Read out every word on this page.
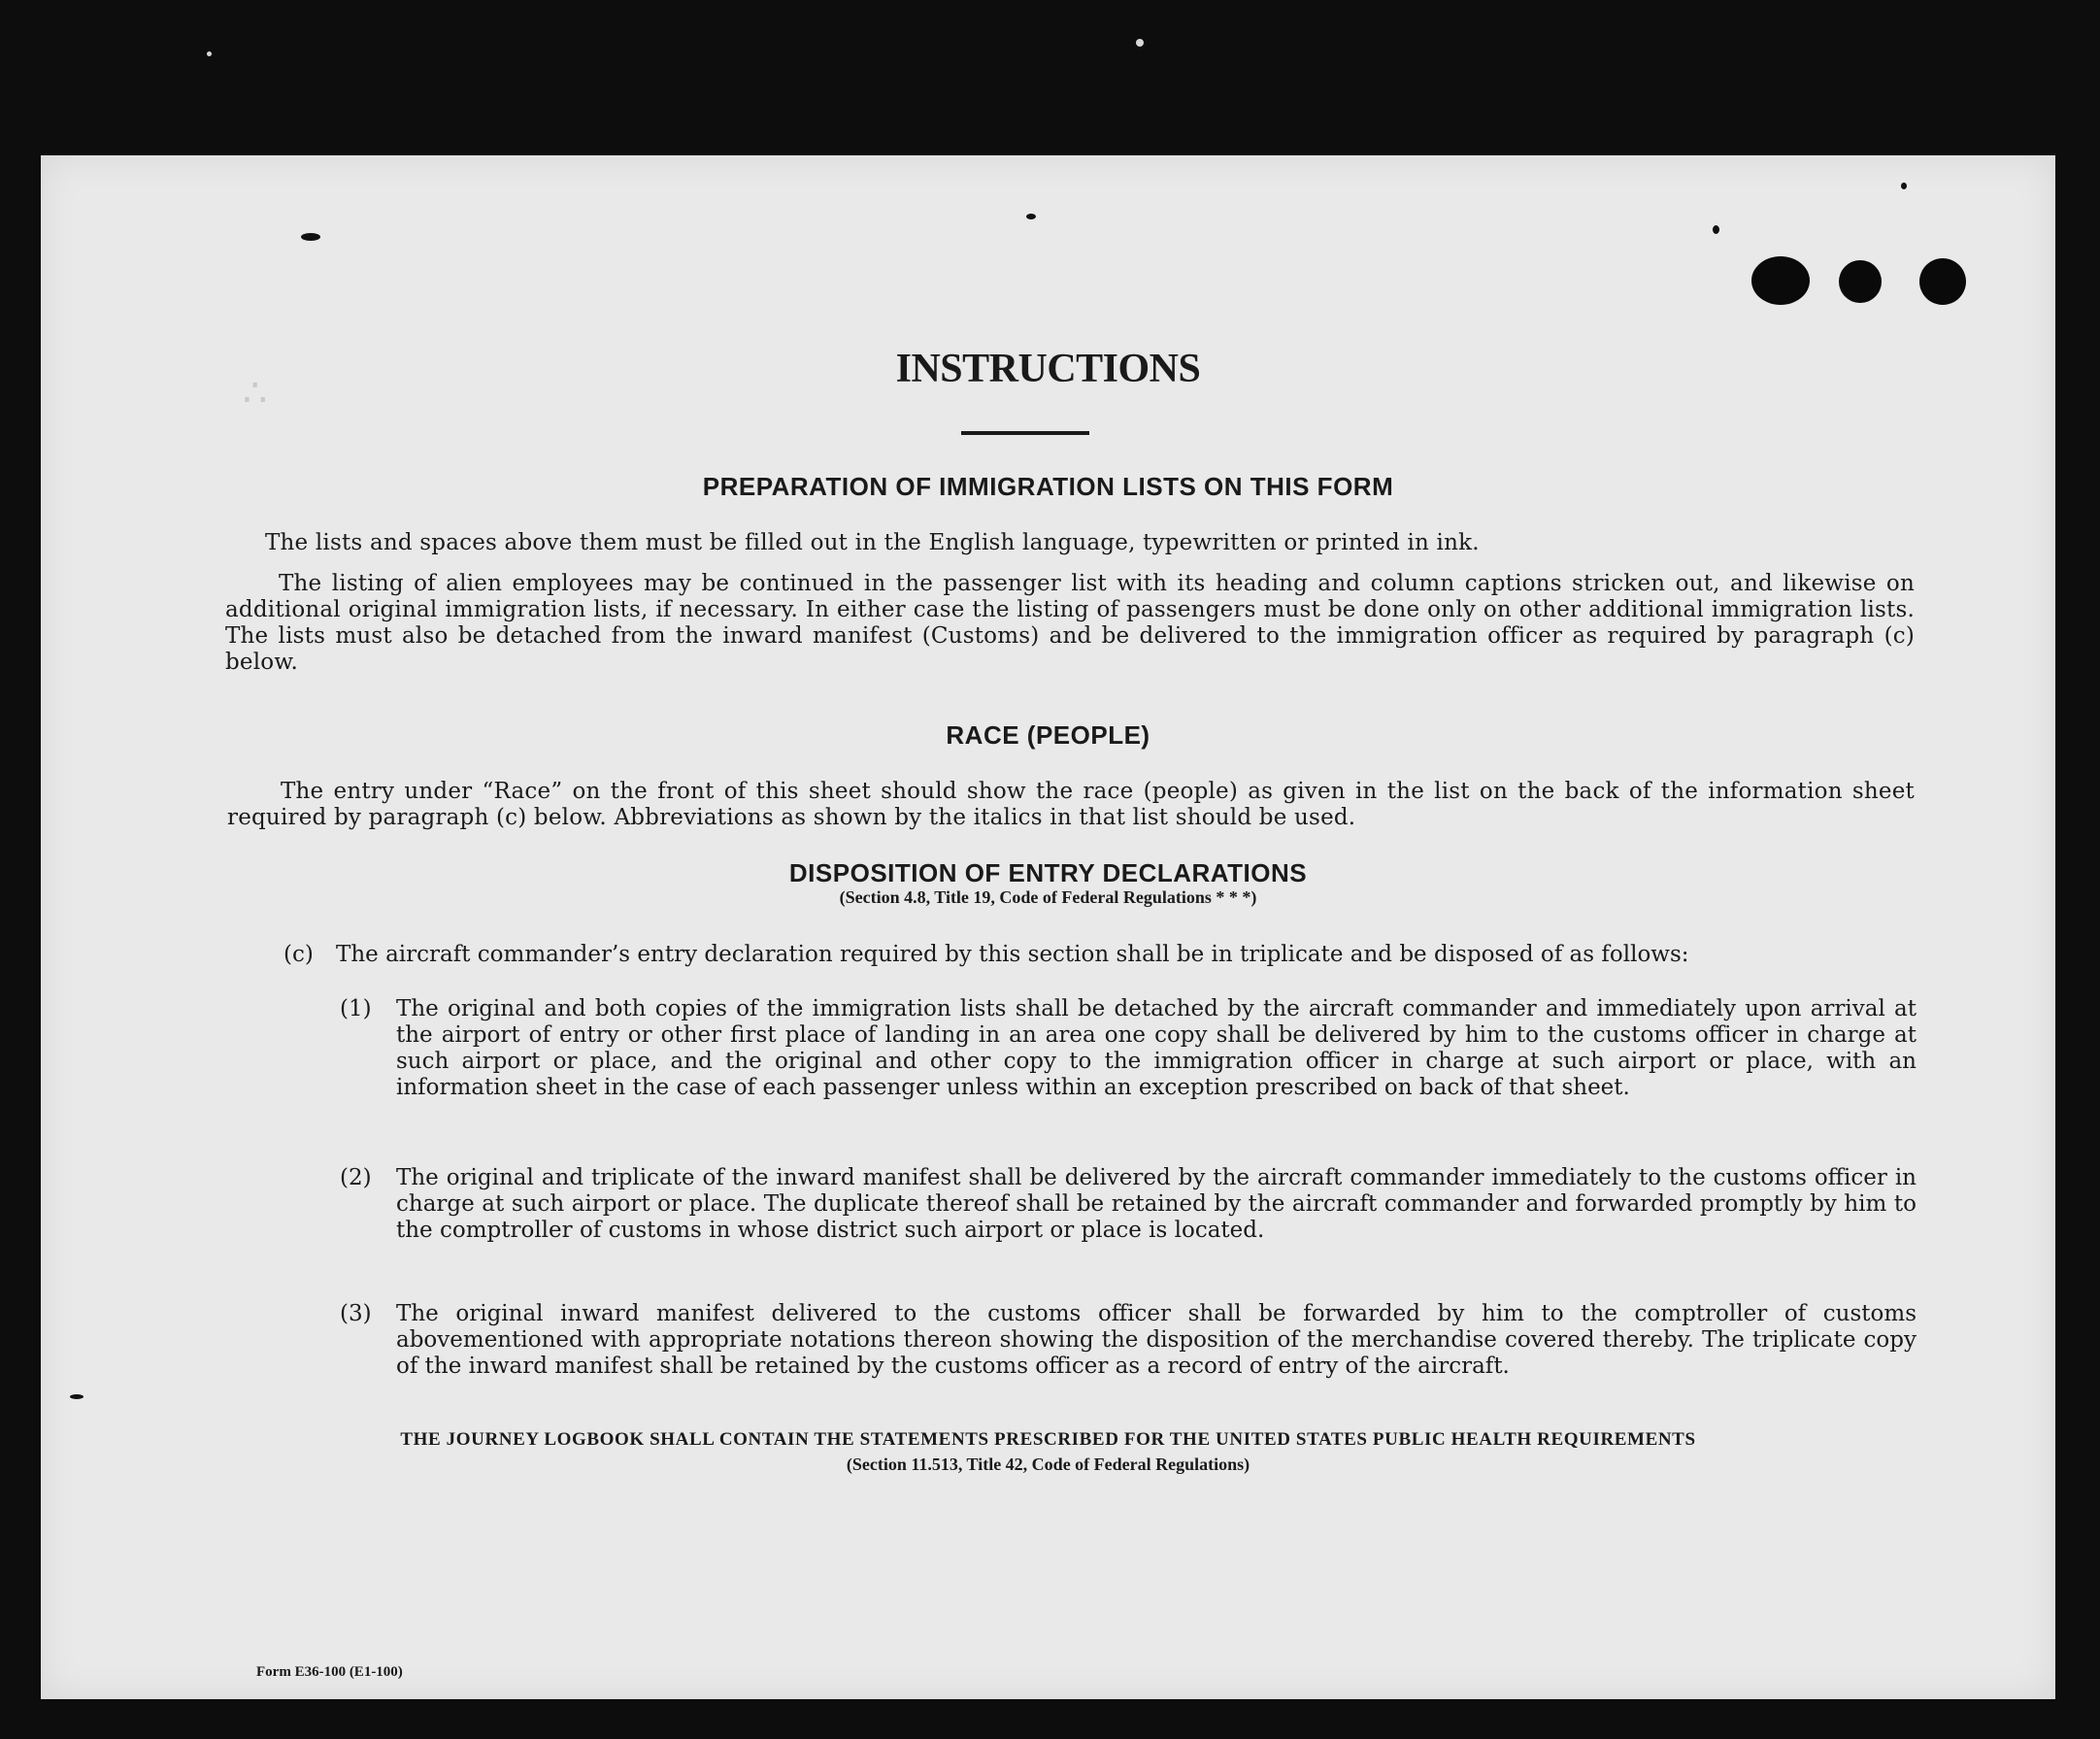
∴
INSTRUCTIONS
PREPARATION OF IMMIGRATION LISTS ON THIS FORM
The lists and spaces above them must be filled out in the English language, typewritten or printed in ink.
The listing of alien employees may be continued in the passenger list with its heading and column captions stricken out, and likewise on additional original immigration lists, if necessary. In either case the listing of passengers must be done only on other additional immigration lists. The lists must also be detached from the inward manifest (Customs) and be delivered to the immigration officer as required by paragraph (c) below.
RACE (PEOPLE)
The entry under “Race” on the front of this sheet should show the race (people) as given in the list on the back of the information sheet required by paragraph (c) below. Abbreviations as shown by the italics in that list should be used.
DISPOSITION OF ENTRY DECLARATIONS
(Section 4.8, Title 19, Code of Federal Regulations * * *)
(c)	The aircraft commander’s entry declaration required by this section shall be in triplicate and be disposed of as follows:
(1)	The original and both copies of the immigration lists shall be detached by the aircraft commander and immediately upon arrival at the airport of entry or other first place of landing in an area one copy shall be delivered by him to the customs officer in charge at such airport or place, and the original and other copy to the immigration officer in charge at such airport or place, with an information sheet in the case of each passenger unless within an exception prescribed on back of that sheet.
(2)	The original and triplicate of the inward manifest shall be delivered by the aircraft commander immediately to the customs officer in charge at such airport or place. The duplicate thereof shall be retained by the aircraft commander and forwarded promptly by him to the comptroller of customs in whose district such airport or place is located.
(3)	The original inward manifest delivered to the customs officer shall be forwarded by him to the comptroller of customs abovementioned with appropriate notations thereon showing the disposition of the merchandise covered thereby. The triplicate copy of the inward manifest shall be retained by the customs officer as a record of entry of the aircraft.
THE JOURNEY LOGBOOK SHALL CONTAIN THE STATEMENTS PRESCRIBED FOR THE UNITED STATES PUBLIC HEALTH REQUIREMENTS
(Section 11.513, Title 42, Code of Federal Regulations)
Form E36-100 (E1-100)
